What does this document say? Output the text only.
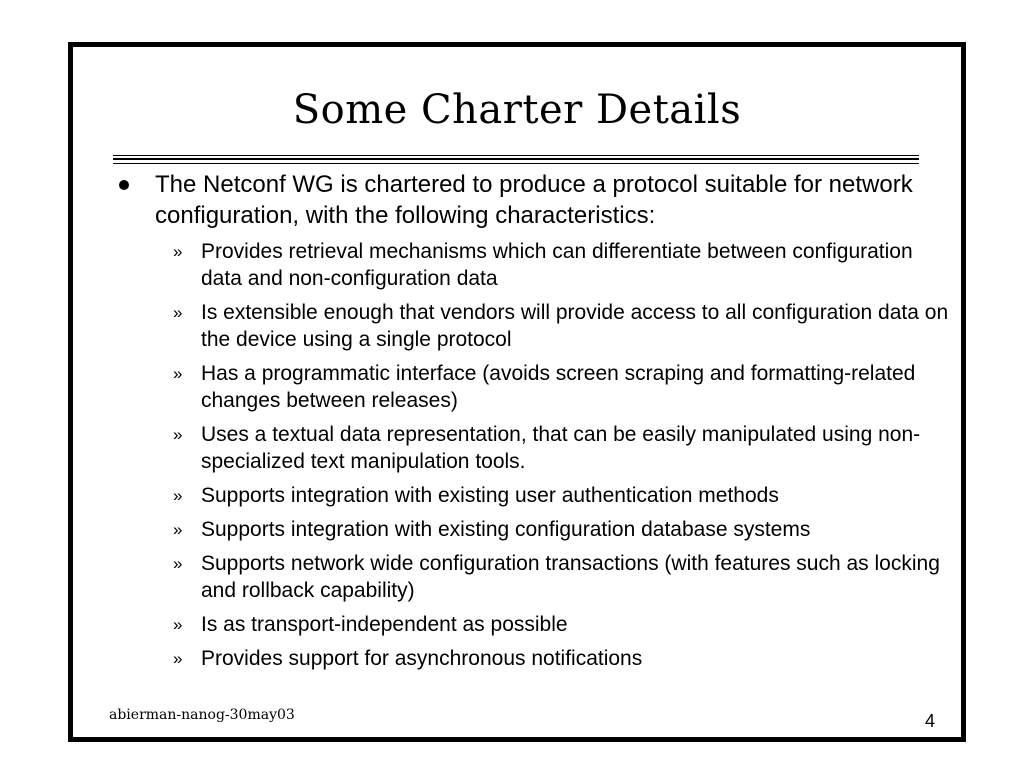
Some Charter Details
The Netconf WG is chartered to produce a protocol suitable for network configuration, with the following characteristics:
» Provides retrieval mechanisms which can differentiate between configuration data and non-configuration data
» Is extensible enough that vendors will provide access to all configuration data on the device using a single protocol
» Has a programmatic interface (avoids screen scraping and formatting-related changes between releases)
» Uses a textual data representation, that can be easily manipulated using non-specialized text manipulation tools.
» Supports integration with existing user authentication methods
» Supports integration with existing configuration database systems
» Supports network wide configuration transactions (with features such as locking and rollback capability)
» Is as transport-independent as possible
» Provides support for asynchronous notifications
abierman-nanog-30may03	4
